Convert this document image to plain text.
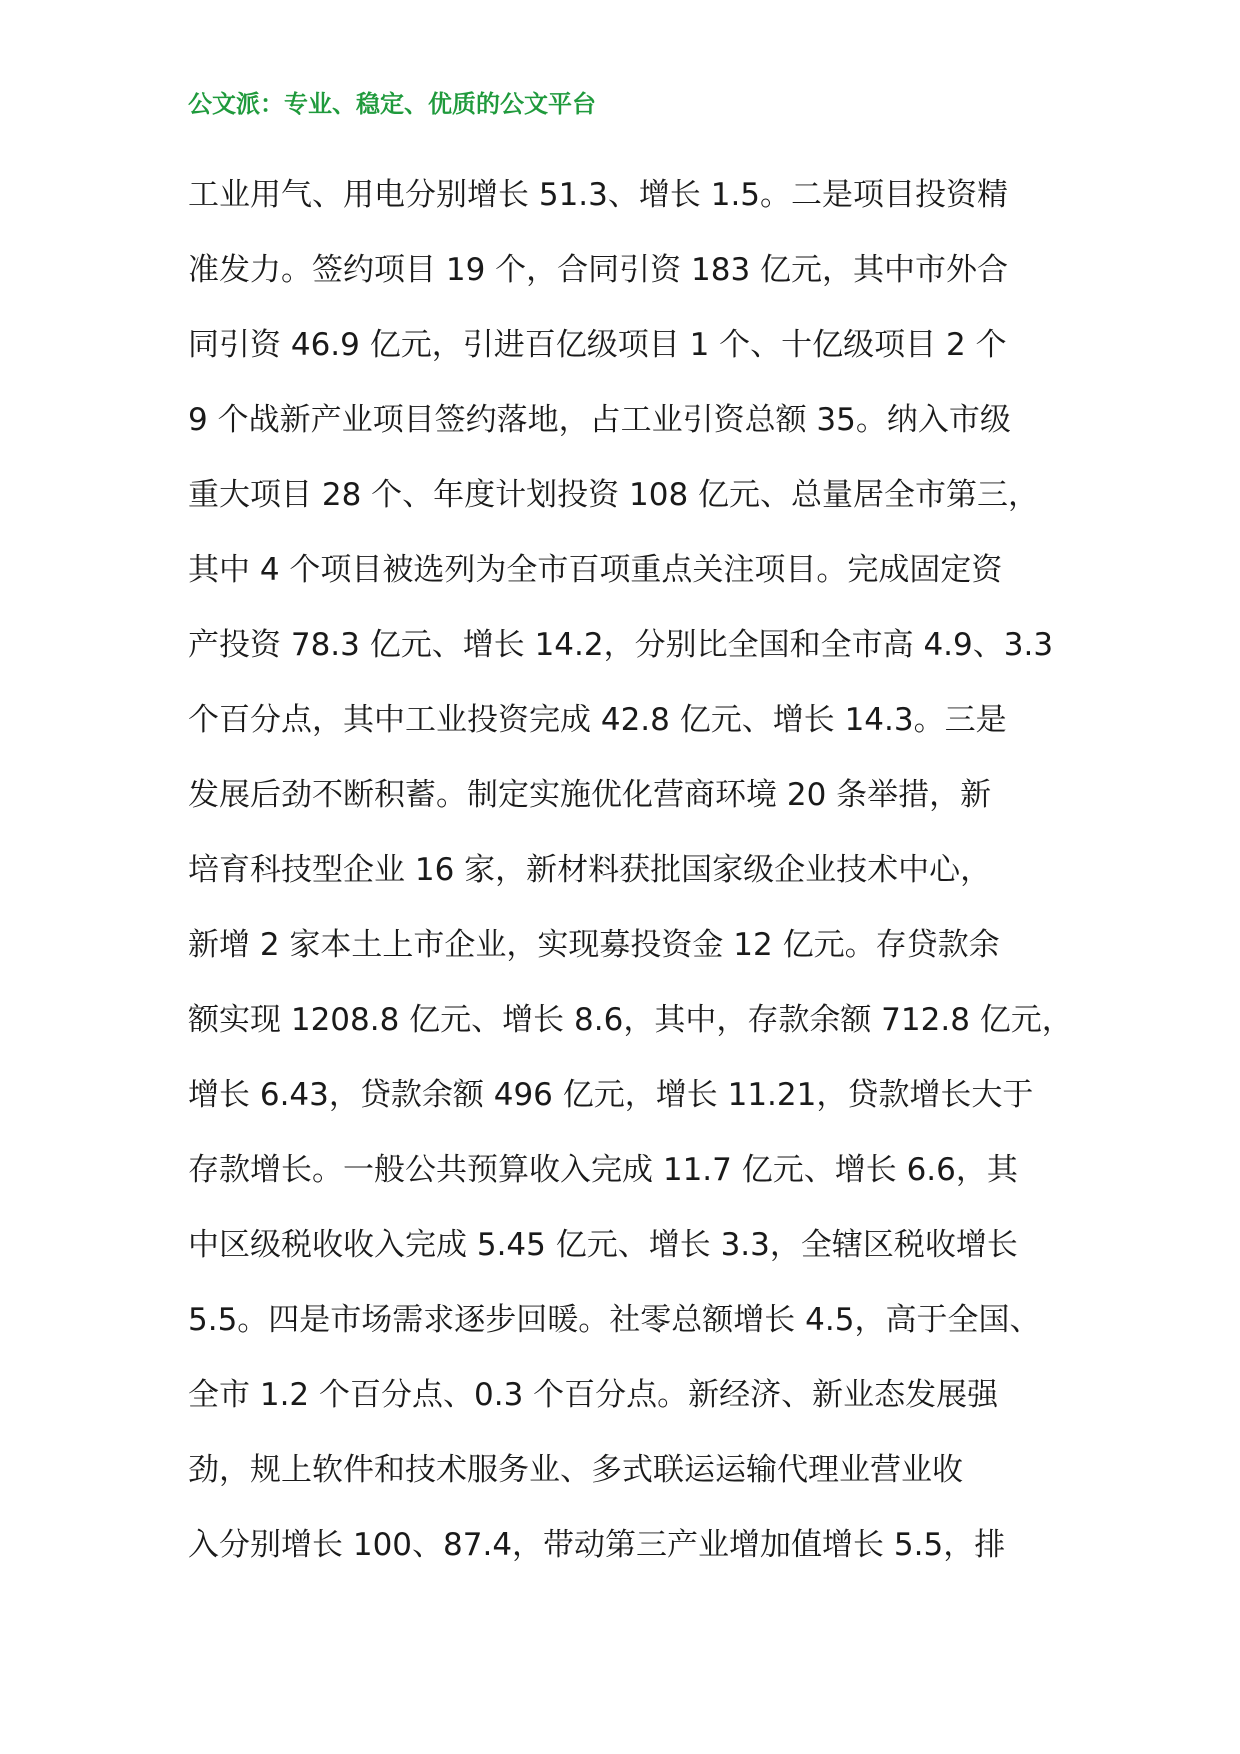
公文派：专业、稳定、优质的公文平台
工业用气、用电分别增长 51.3、增长 1.5。二是项目投资精
准发力。签约项目 19 个，合同引资 183 亿元，其中市外合
同引资 46.9 亿元，引进百亿级项目 1 个、十亿级项目 2 个
9 个战新产业项目签约落地，占工业引资总额 35。纳入市级
重大项目 28 个、年度计划投资 108 亿元、总量居全市第三，
其中 4 个项目被选列为全市百项重点关注项目。完成固定资
产投资 78.3 亿元、增长 14.2，分别比全国和全市高 4.9、3.3
个百分点，其中工业投资完成 42.8 亿元、增长 14.3。三是
发展后劲不断积蓄。制定实施优化营商环境 20 条举措，新
培育科技型企业 16 家，新材料获批国家级企业技术中心，
新增 2 家本土上市企业，实现募投资金 12 亿元。存贷款余
额实现 1208.8 亿元、增长 8.6，其中，存款余额 712.8 亿元，
增长 6.43，贷款余额 496 亿元，增长 11.21，贷款增长大于
存款增长。一般公共预算收入完成 11.7 亿元、增长 6.6，其
中区级税收收入完成 5.45 亿元、增长 3.3，全辖区税收增长
5.5。四是市场需求逐步回暖。社零总额增长 4.5，高于全国、
全市 1.2 个百分点、0.3 个百分点。新经济、新业态发展强
劲，规上软件和技术服务业、多式联运运输代理业营业收
入分别增长 100、87.4，带动第三产业增加值增长 5.5，排
